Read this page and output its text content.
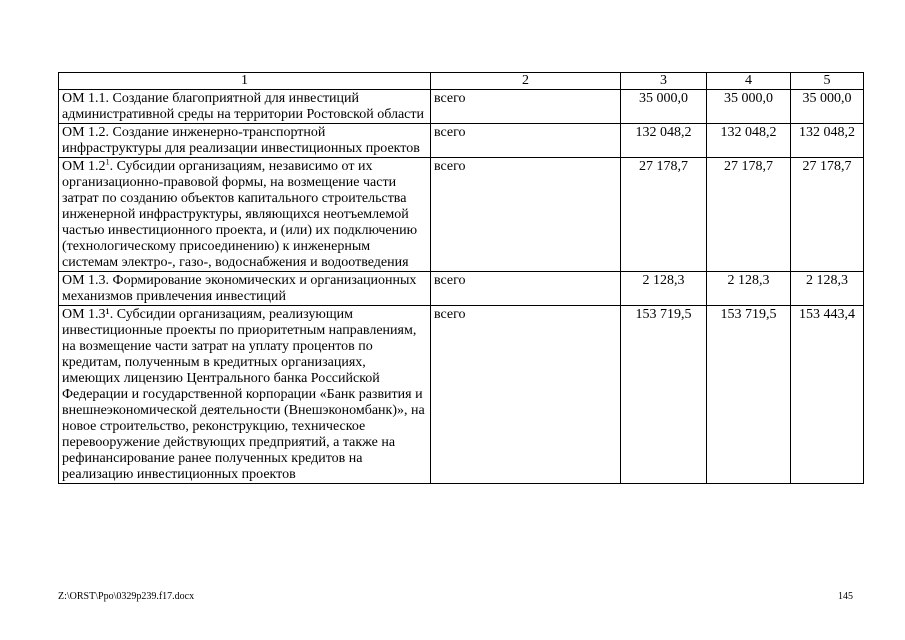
1	2	3	4	5
ОМ 1.1. Создание благоприятной для инвестиций административной среды на территории Ростовской области	всего	35 000,0	35 000,0	35 000,0
ОМ 1.2. Создание инженерно-транспортной инфраструктуры для реализации инвестиционных проектов	всего	132 048,2	132 048,2	132 048,2
ОМ $1.2^1$. Субсидии организациям, независимо от их организационно-правовой формы, на возмещение части затрат по созданию объектов капитального строительства инженерной инфраструктуры, являющихся неотъемлемой частью инвестиционного проекта, и (или) их подключению (технологическому присоединению) к инженерным системам электро-, газо-, водоснабжения и водоотведения	всего	27 178,7	27 178,7	27 178,7
ОМ 1.3. Формирование экономических и организационных механизмов привлечения инвестиций	всего	2 128,3	2 128,3	2 128,3
ОМ 1.3¹. Субсидии организациям, реализующим инвестиционные проекты по приоритетным направлениям, на возмещение части затрат на уплату процентов по кредитам, полученным в кредитных организациях, имеющих лицензию Центрального банка Российской Федерации и государственной корпорации «Банк развития и внешнеэкономической деятельности (Внешэкономбанк)», на новое строительство, реконструкцию, техническое перевооружение действующих предприятий, а также на рефинансирование ранее полученных кредитов на реализацию инвестиционных проектов	всего	153 719,5	153 719,5	153 443,4
Z:\ORST\Ppo\0329p239.f17.docx	145
